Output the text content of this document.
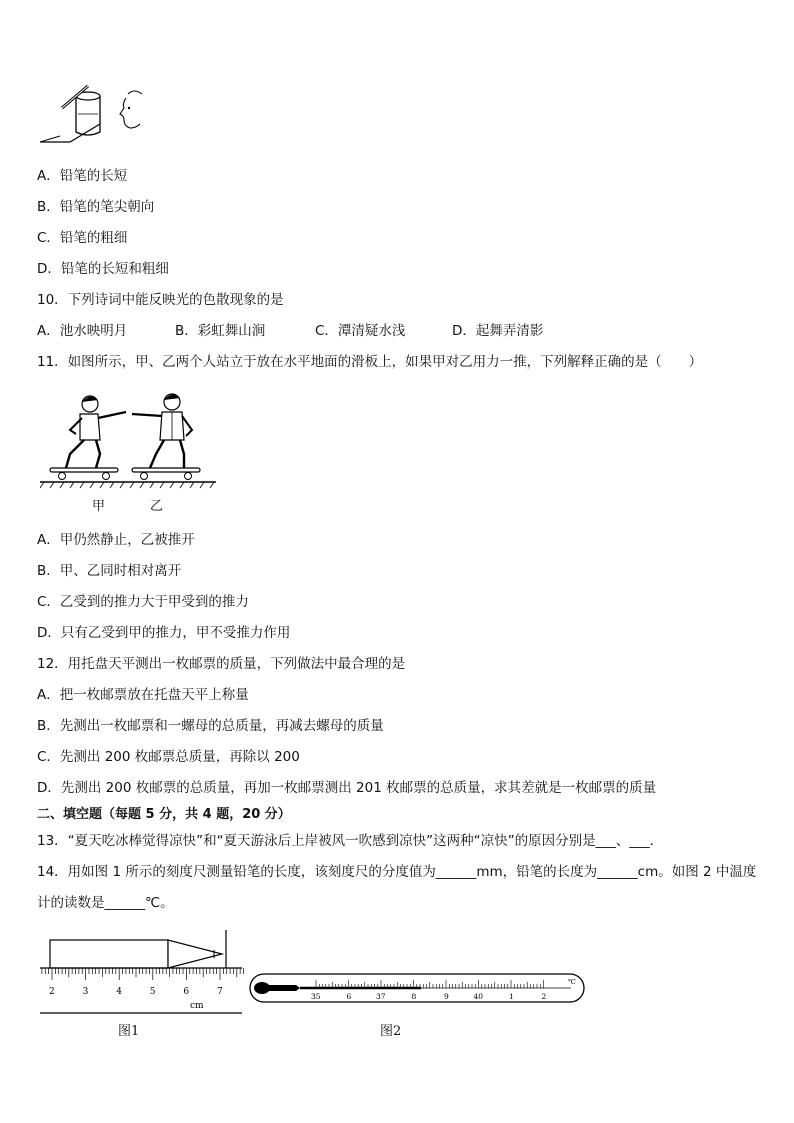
A．铅笔的长短
B．铅笔的笔尖朝向
C．铅笔的粗细
D．铅笔的长短和粗细
10．下列诗词中能反映光的色散现象的是
A．池水映明月	B．彩虹舞山涧	C．潭清疑水浅	D．起舞弄清影
11．如图所示，甲、乙两个人站立于放在水平地面的滑板上，如果甲对乙用力一推，下列解释正确的是（　　）
甲	乙
A．甲仍然静止，乙被推开
B．甲、乙同时相对离开
C．乙受到的推力大于甲受到的推力
D．只有乙受到甲的推力，甲不受推力作用
12．用托盘天平测出一枚邮票的质量，下列做法中最合理的是
A．把一枚邮票放在托盘天平上称量
B．先测出一枚邮票和一螺母的总质量，再减去螺母的质量
C．先测出 200 枚邮票总质量，再除以 200
D．先测出 200 枚邮票的总质量，再加一枚邮票测出 201 枚邮票的总质量，求其差就是一枚邮票的质量
二、填空题（每题 5 分，共 4 题，20 分）
13．“夏天吃冰棒觉得凉快”和“夏天游泳后上岸被风一吹感到凉快”这两种“凉快”的原因分别是___、___．
14．用如图 1 所示的刻度尺测量铅笔的长度，该刻度尺的分度值为______mm，铅笔的长度为______cm。如图 2 中温度
计的读数是______℃。
2	3	4	5	6	7
cm
图1
35	6	37	8	9	40	1	2
℃
图2
